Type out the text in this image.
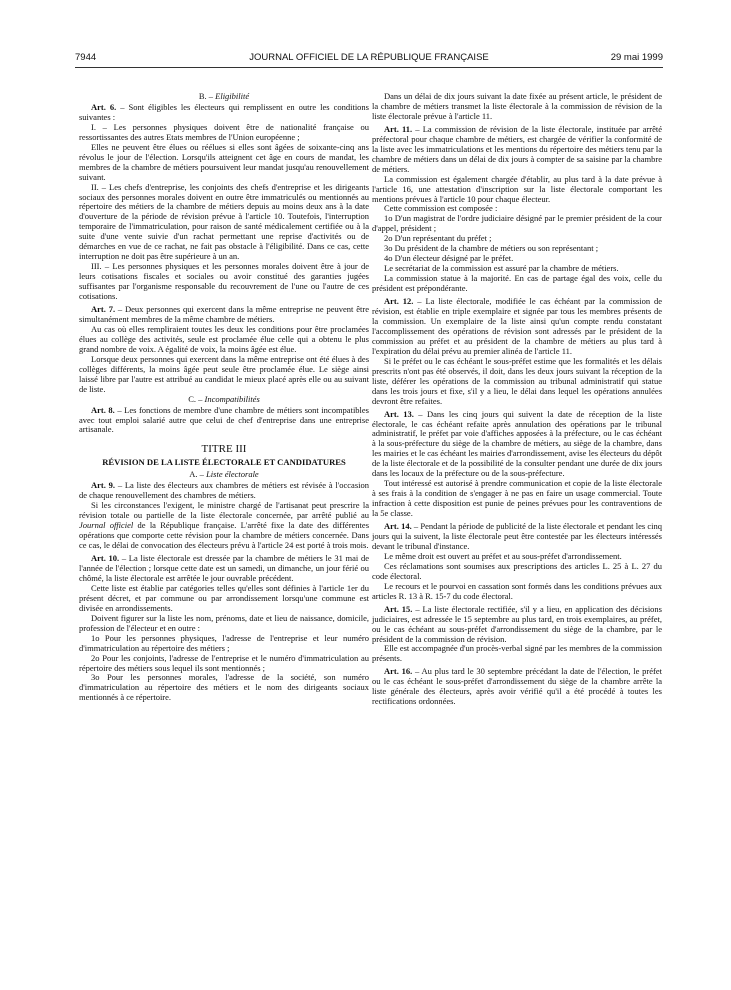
7944	JOURNAL OFFICIEL DE LA RÉPUBLIQUE FRANÇAISE	29 mai 1999

B. – Eligibilité

Art. 6. – Sont éligibles les électeurs qui remplissent en outre les conditions suivantes :

I. – Les personnes physiques doivent être de nationalité française ou ressortissantes des autres Etats membres de l'Union européenne ;

Elles ne peuvent être élues ou réélues si elles sont âgées de soixante-cinq ans révolus le jour de l'élection. Lorsqu'ils atteignent cet âge en cours de mandat, les membres de la chambre de métiers poursuivent leur mandat jusqu'au renouvellement suivant.

II. – Les chefs d'entreprise, les conjoints des chefs d'entreprise et les dirigeants sociaux des personnes morales doivent en outre être immatriculés ou mentionnés au répertoire des métiers de la chambre de métiers depuis au moins deux ans à la date d'ouverture de la période de révision prévue à l'article 10. Toutefois, l'interruption temporaire de l'immatriculation, pour raison de santé médicalement certifiée ou à la suite d'une vente suivie d'un rachat permettant une reprise d'activités ou de démarches en vue de ce rachat, ne fait pas obstacle à l'éligibilité. Dans ce cas, cette interruption ne doit pas être supérieure à un an.

III. – Les personnes physiques et les personnes morales doivent être à jour de leurs cotisations fiscales et sociales ou avoir constitué des garanties jugées suffisantes par l'organisme responsable du recouvrement de l'une ou l'autre de ces cotisations.

Art. 7. – Deux personnes qui exercent dans la même entreprise ne peuvent être simultanément membres de la même chambre de métiers.

Au cas où elles rempliraient toutes les deux les conditions pour être proclamées élues au collège des activités, seule est proclamée élue celle qui a obtenu le plus grand nombre de voix. A égalité de voix, la moins âgée est élue.

Lorsque deux personnes qui exercent dans la même entreprise ont été élues à des collèges différents, la moins âgée peut seule être proclamée élue. Le siège ainsi laissé libre par l'autre est attribué au candidat le mieux placé après elle ou au suivant de liste.

C. – Incompatibilités

Art. 8. – Les fonctions de membre d'une chambre de métiers sont incompatibles avec tout emploi salarié autre que celui de chef d'entreprise dans une entreprise artisanale.

TITRE III
RÉVISION DE LA LISTE ÉLECTORALE ET CANDIDATURES

A. – Liste électorale

Art. 9. – La liste des électeurs aux chambres de métiers est révisée à l'occasion de chaque renouvellement des chambres de métiers.

Si les circonstances l'exigent, le ministre chargé de l'artisanat peut prescrire la révision totale ou partielle de la liste électorale concernée, par arrêté publié au Journal officiel de la République française. L'arrêté fixe la date des différentes opérations que comporte cette révision pour la chambre de métiers concernée. Dans ce cas, le délai de convocation des électeurs prévu à l'article 24 est porté à trois mois.

Art. 10. – La liste électorale est dressée par la chambre de métiers le 31 mai de l'année de l'élection ; lorsque cette date est un samedi, un dimanche, un jour férié ou chômé, la liste électorale est arrêtée le jour ouvrable précédent.

Cette liste est établie par catégories telles qu'elles sont définies à l'article 1er du présent décret, et par commune ou par arrondissement lorsqu'une commune est divisée en arrondissements.

Doivent figurer sur la liste les nom, prénoms, date et lieu de naissance, domicile, profession de l'électeur et en outre :

1o Pour les personnes physiques, l'adresse de l'entreprise et leur numéro d'immatriculation au répertoire des métiers ;

2o Pour les conjoints, l'adresse de l'entreprise et le numéro d'immatriculation au répertoire des métiers sous lequel ils sont mentionnés ;

3o Pour les personnes morales, l'adresse de la société, son numéro d'immatriculation au répertoire des métiers et le nom des dirigeants sociaux mentionnés à ce répertoire.

Dans un délai de dix jours suivant la date fixée au présent article, le président de la chambre de métiers transmet la liste électorale à la commission de révision de la liste électorale prévue à l'article 11.

Art. 11. – La commission de révision de la liste électorale, instituée par arrêté préfectoral pour chaque chambre de métiers, est chargée de vérifier la conformité de la liste avec les immatriculations et les mentions du répertoire des métiers tenu par la chambre de métiers dans un délai de dix jours à compter de sa saisine par la chambre de métiers.

La commission est également chargée d'établir, au plus tard à la date prévue à l'article 16, une attestation d'inscription sur la liste électorale comportant les mentions prévues à l'article 10 pour chaque électeur.

Cette commission est composée :

1o D'un magistrat de l'ordre judiciaire désigné par le premier président de la cour d'appel, président ;

2o D'un représentant du préfet ;

3o Du président de la chambre de métiers ou son représentant ;

4o D'un électeur désigné par le préfet.

Le secrétariat de la commission est assuré par la chambre de métiers.

La commission statue à la majorité. En cas de partage égal des voix, celle du président est prépondérante.

Art. 12. – La liste électorale, modifiée le cas échéant par la commission de révision, est établie en triple exemplaire et signée par tous les membres présents de la commission. Un exemplaire de la liste ainsi qu'un compte rendu constatant l'accomplissement des opérations de révision sont adressés par le président de la commission au préfet et au président de la chambre de métiers au plus tard à l'expiration du délai prévu au premier alinéa de l'article 11.

Si le préfet ou le cas échéant le sous-préfet estime que les formalités et les délais prescrits n'ont pas été observés, il doit, dans les deux jours suivant la réception de la liste, déférer les opérations de la commission au tribunal administratif qui statue dans les trois jours et fixe, s'il y a lieu, le délai dans lequel les opérations annulées devront être refaites.

Art. 13. – Dans les cinq jours qui suivent la date de réception de la liste électorale, le cas échéant refaite après annulation des opérations par le tribunal administratif, le préfet par voie d'affiches apposées à la préfecture, ou le cas échéant à la sous-préfecture du siège de la chambre de métiers, au siège de la chambre, dans les mairies et le cas échéant les mairies d'arrondissement, avise les électeurs du dépôt de la liste électorale et de la possibilité de la consulter pendant une durée de dix jours dans les locaux de la préfecture ou de la sous-préfecture.

Tout intéressé est autorisé à prendre communication et copie de la liste électorale à ses frais à la condition de s'engager à ne pas en faire un usage commercial. Toute infraction à cette disposition est punie de peines prévues pour les contraventions de la 5e classe.

Art. 14. – Pendant la période de publicité de la liste électorale et pendant les cinq jours qui la suivent, la liste électorale peut être contestée par les électeurs intéressés devant le tribunal d'instance.

Le même droit est ouvert au préfet et au sous-préfet d'arrondissement.

Ces réclamations sont soumises aux prescriptions des articles L. 25 à L. 27 du code électoral.

Le recours et le pourvoi en cassation sont formés dans les conditions prévues aux articles R. 13 à R. 15-7 du code électoral.

Art. 15. – La liste électorale rectifiée, s'il y a lieu, en application des décisions judiciaires, est adressée le 15 septembre au plus tard, en trois exemplaires, au préfet, ou le cas échéant au sous-préfet d'arrondissement du siège de la chambre, par le président de la commission de révision.

Elle est accompagnée d'un procès-verbal signé par les membres de la commission présents.

Art. 16. – Au plus tard le 30 septembre précédant la date de l'élection, le préfet ou le cas échéant le sous-préfet d'arrondissement du siège de la chambre arrête la liste générale des électeurs, après avoir vérifié qu'il a été procédé à toutes les rectifications ordonnées.
